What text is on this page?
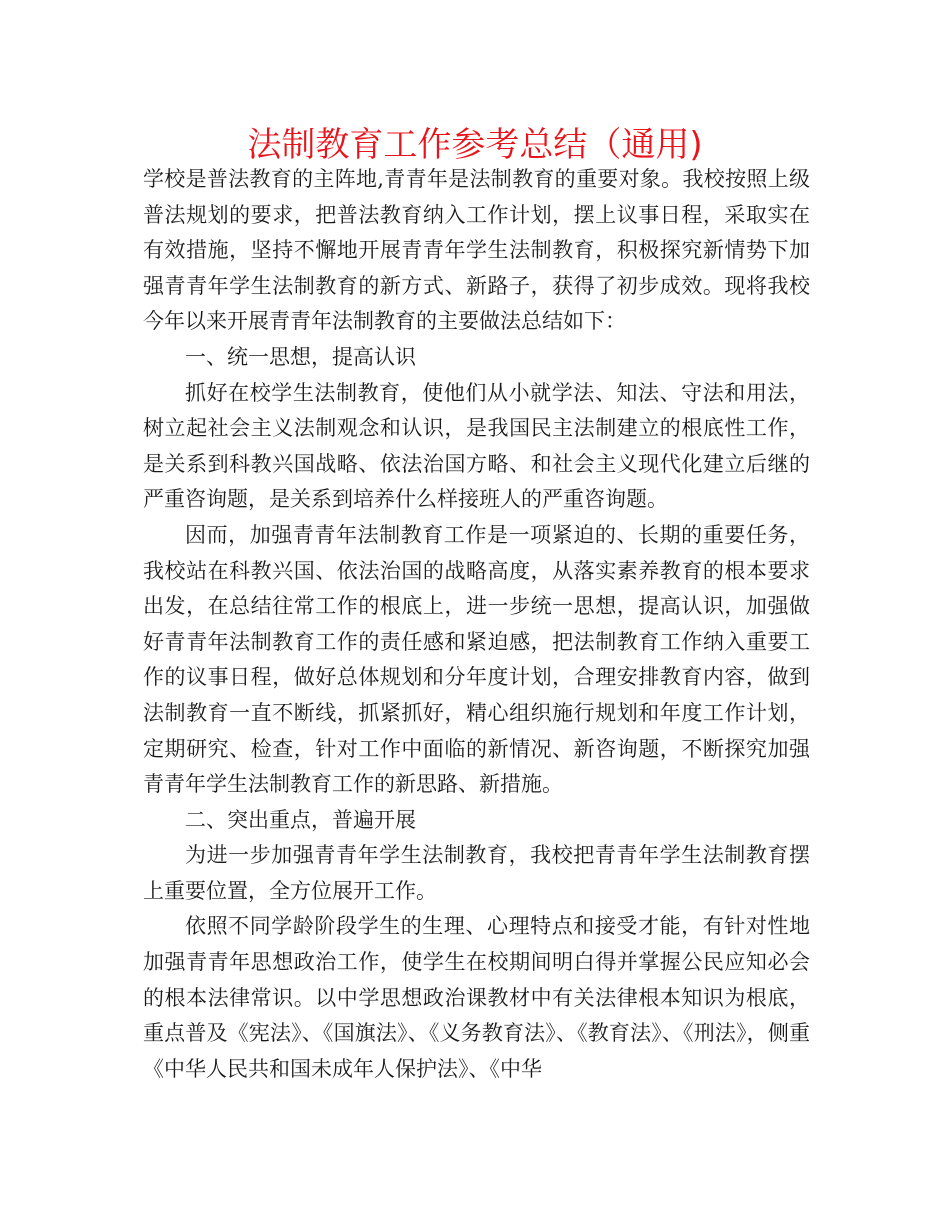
法制教育工作参考总结（通用)

学校是普法教育的主阵地,青青年是法制教育的重要对象。我校按照上级普法规划的要求，把普法教育纳入工作计划，摆上议事日程，采取实在有效措施，坚持不懈地开展青青年学生法制教育，积极探究新情势下加强青青年学生法制教育的新方式、新路子，获得了初步成效。现将我校今年以来开展青青年法制教育的主要做法总结如下：

一、统一思想，提高认识

抓好在校学生法制教育，使他们从小就学法、知法、守法和用法，树立起社会主义法制观念和认识，是我国民主法制建立的根底性工作，是关系到科教兴国战略、依法治国方略、和社会主义现代化建立后继的严重咨询题，是关系到培养什么样接班人的严重咨询题。

因而，加强青青年法制教育工作是一项紧迫的、长期的重要任务，我校站在科教兴国、依法治国的战略高度，从落实素养教育的根本要求出发，在总结往常工作的根底上，进一步统一思想，提高认识，加强做好青青年法制教育工作的责任感和紧迫感，把法制教育工作纳入重要工作的议事日程，做好总体规划和分年度计划，合理安排教育内容，做到法制教育一直不断线，抓紧抓好，精心组织施行规划和年度工作计划，定期研究、检查，针对工作中面临的新情况、新咨询题，不断探究加强青青年学生法制教育工作的新思路、新措施。

二、突出重点，普遍开展

为进一步加强青青年学生法制教育，我校把青青年学生法制教育摆上重要位置，全方位展开工作。

依照不同学龄阶段学生的生理、心理特点和接受才能，有针对性地加强青青年思想政治工作，使学生在校期间明白得并掌握公民应知必会的根本法律常识。以中学思想政治课教材中有关法律根本知识为根底，重点普及《宪法》、《国旗法》、《义务教育法》、《教育法》、《刑法》，侧重《中华人民共和国未成年人保护法》、《中华
